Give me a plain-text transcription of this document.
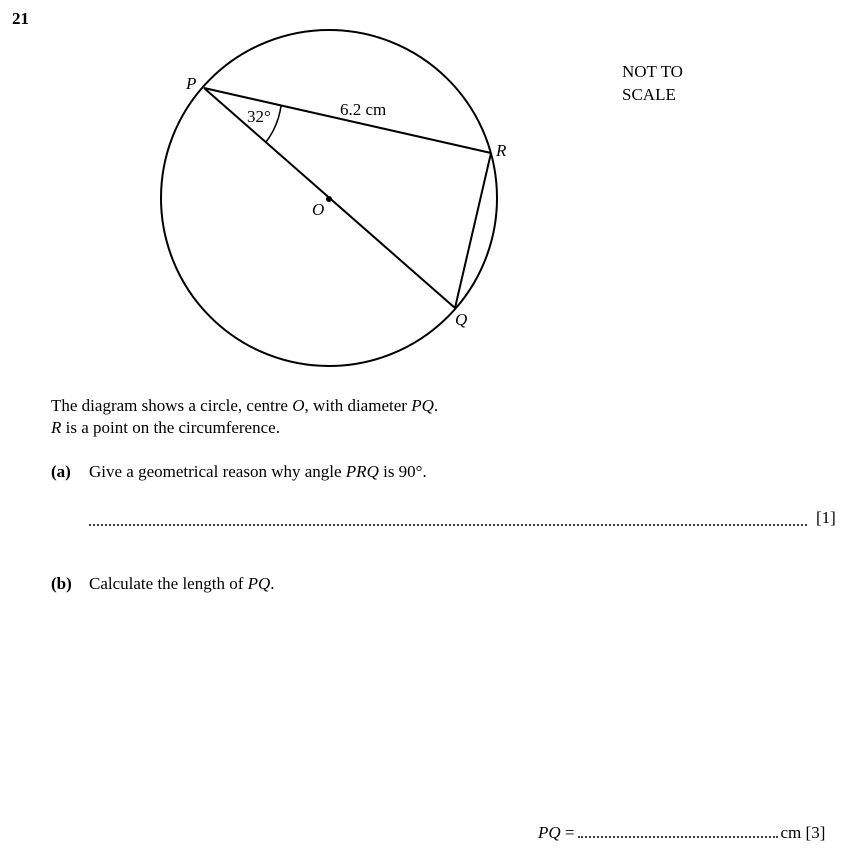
21
P
R
Q
O
32°	6.2 cm
NOT TO
SCALE
The diagram shows a circle, centre O, with diameter PQ.
R is a point on the circumference.
(a) Give a geometrical reason why angle PRQ is 90°.
[1]
(b) Calculate the length of PQ.
PQ =	cm [3]
